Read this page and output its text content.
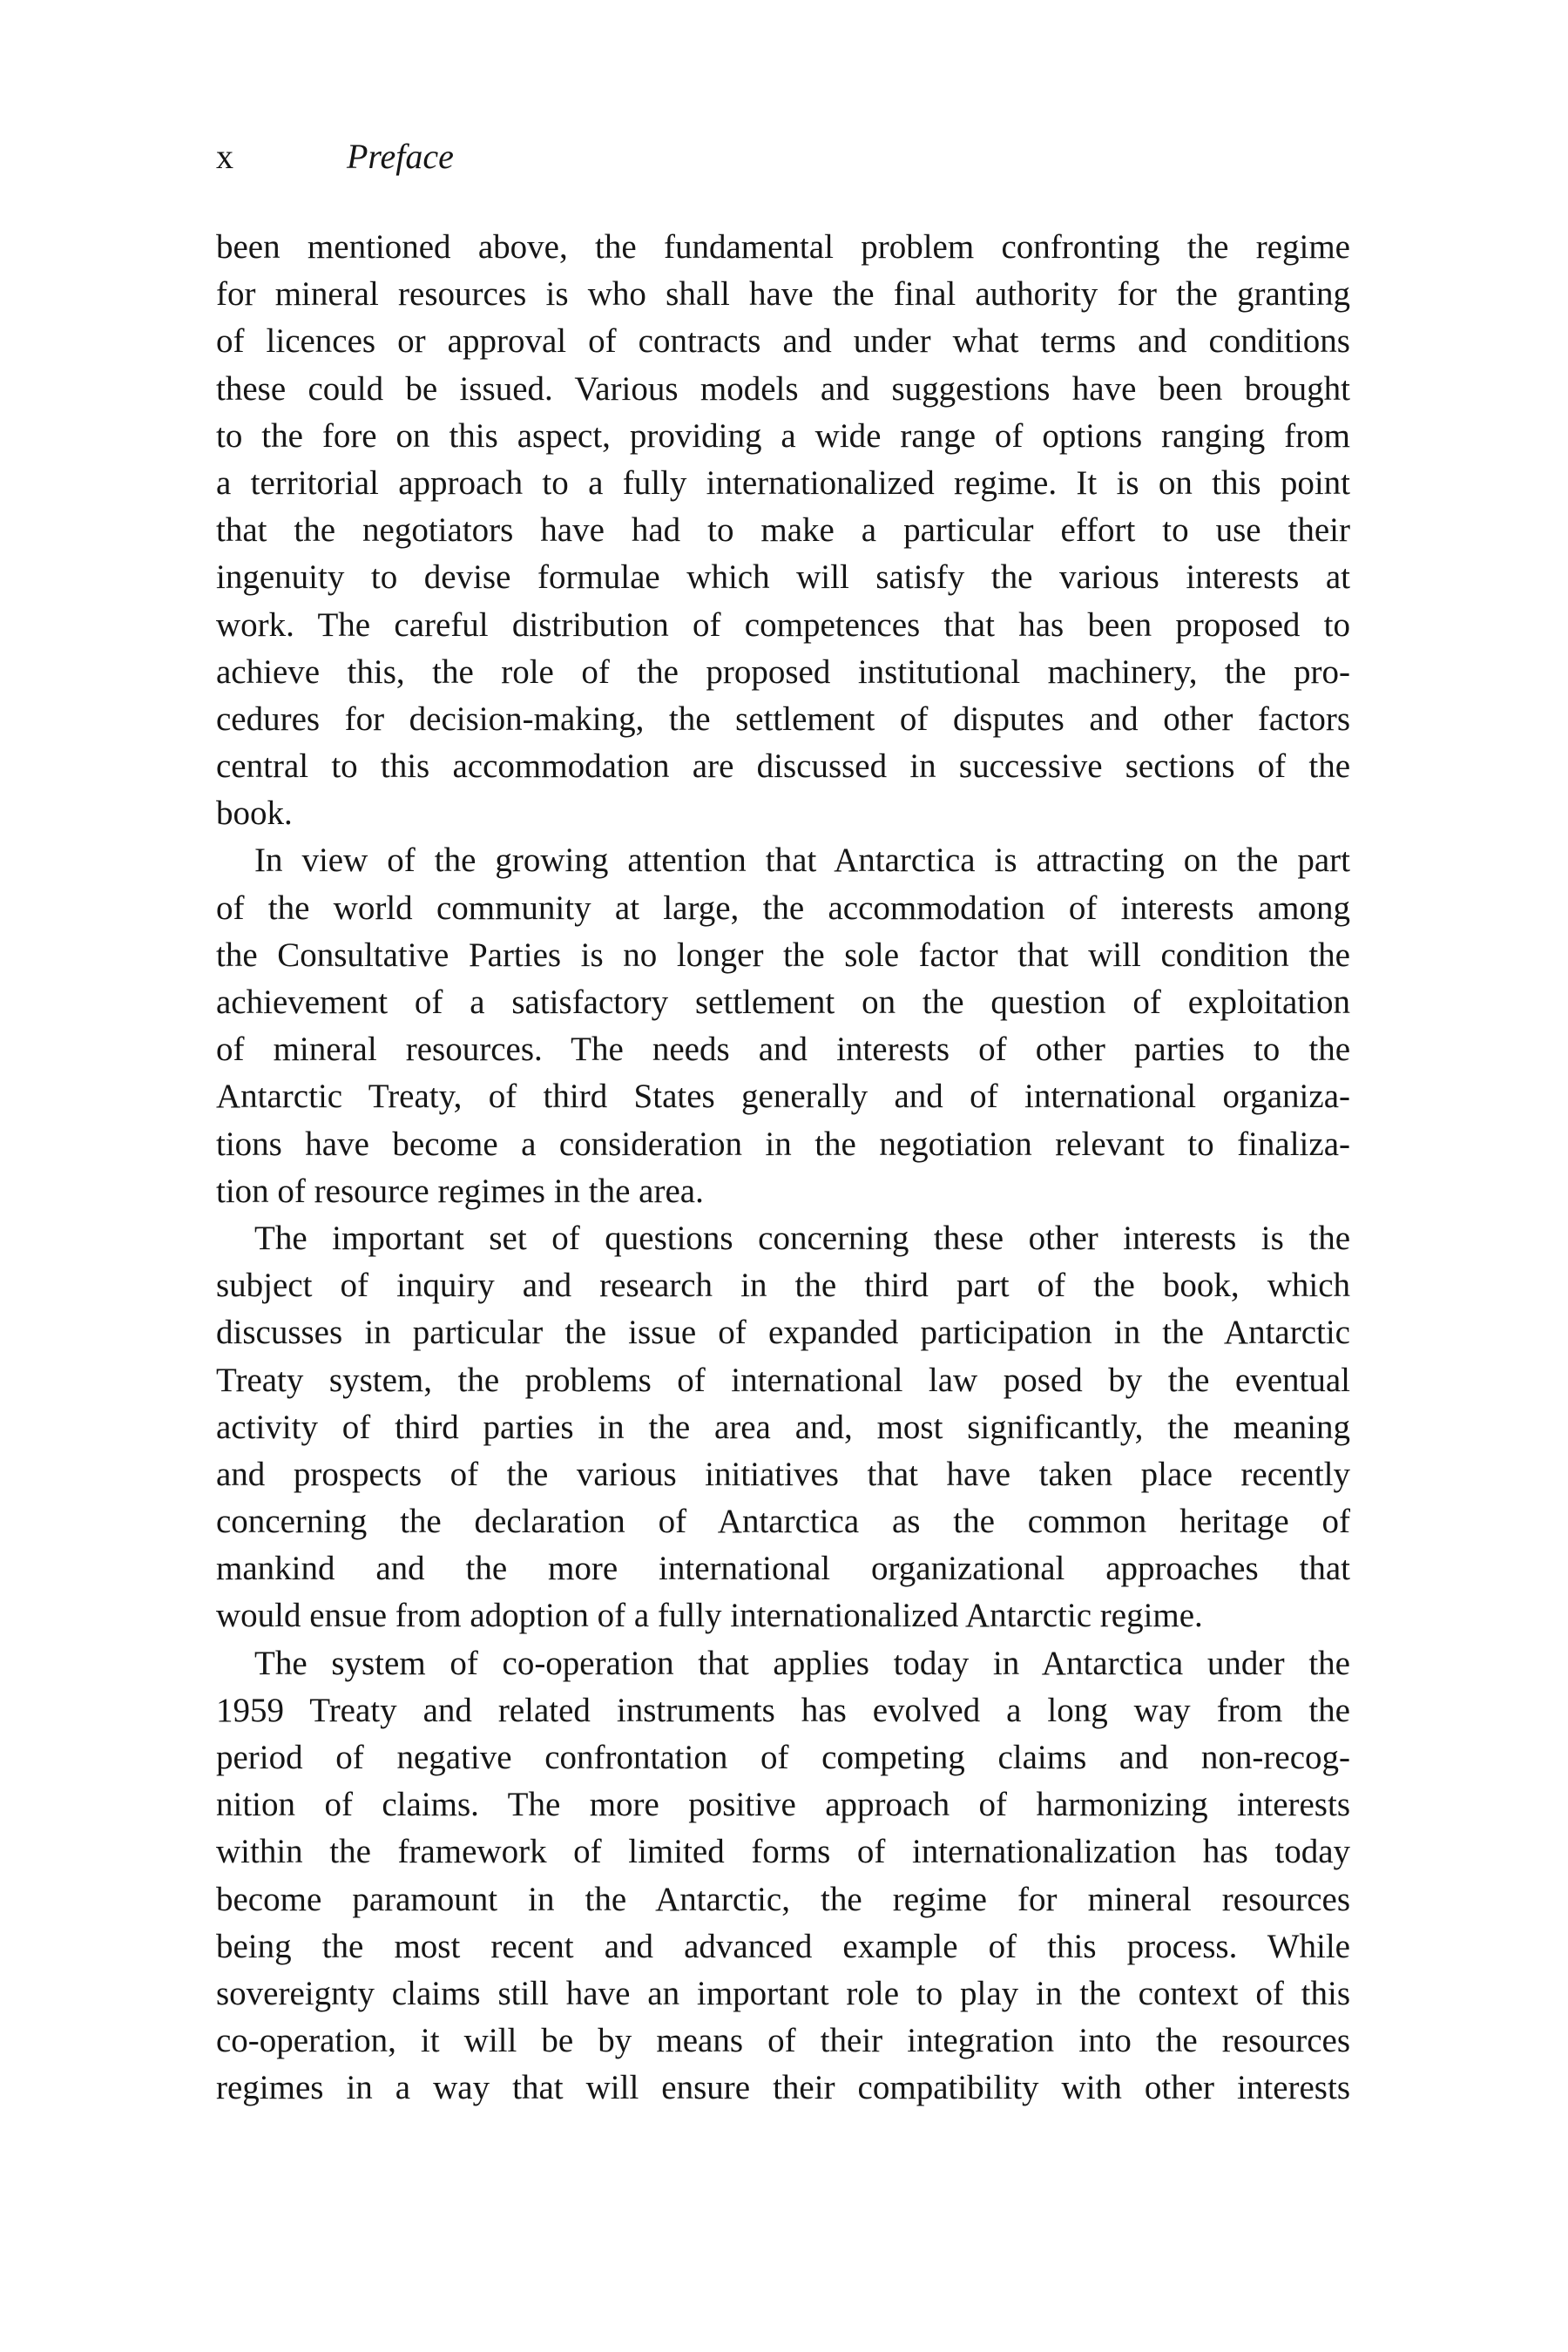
x	Preface
been mentioned above, the fundamental problem confronting the regime
for mineral resources is who shall have the final authority for the granting
of licences or approval of contracts and under what terms and conditions
these could be issued. Various models and suggestions have been brought
to the fore on this aspect, providing a wide range of options ranging from
a territorial approach to a fully internationalized regime. It is on this point
that the negotiators have had to make a particular effort to use their
ingenuity to devise formulae which will satisfy the various interests at
work. The careful distribution of competences that has been proposed to
achieve this, the role of the proposed institutional machinery, the pro-
cedures for decision-making, the settlement of disputes and other factors
central to this accommodation are discussed in successive sections of the
book.
In view of the growing attention that Antarctica is attracting on the part
of the world community at large, the accommodation of interests among
the Consultative Parties is no longer the sole factor that will condition the
achievement of a satisfactory settlement on the question of exploitation
of mineral resources. The needs and interests of other parties to the
Antarctic Treaty, of third States generally and of international organiza-
tions have become a consideration in the negotiation relevant to finaliza-
tion of resource regimes in the area.
The important set of questions concerning these other interests is the
subject of inquiry and research in the third part of the book, which
discusses in particular the issue of expanded participation in the Antarctic
Treaty system, the problems of international law posed by the eventual
activity of third parties in the area and, most significantly, the meaning
and prospects of the various initiatives that have taken place recently
concerning the declaration of Antarctica as the common heritage of
mankind and the more international organizational approaches that
would ensue from adoption of a fully internationalized Antarctic regime.
The system of co-operation that applies today in Antarctica under the
1959 Treaty and related instruments has evolved a long way from the
period of negative confrontation of competing claims and non-recog-
nition of claims. The more positive approach of harmonizing interests
within the framework of limited forms of internationalization has today
become paramount in the Antarctic, the regime for mineral resources
being the most recent and advanced example of this process. While
sovereignty claims still have an important role to play in the context of this
co-operation, it will be by means of their integration into the resources
regimes in a way that will ensure their compatibility with other interests
